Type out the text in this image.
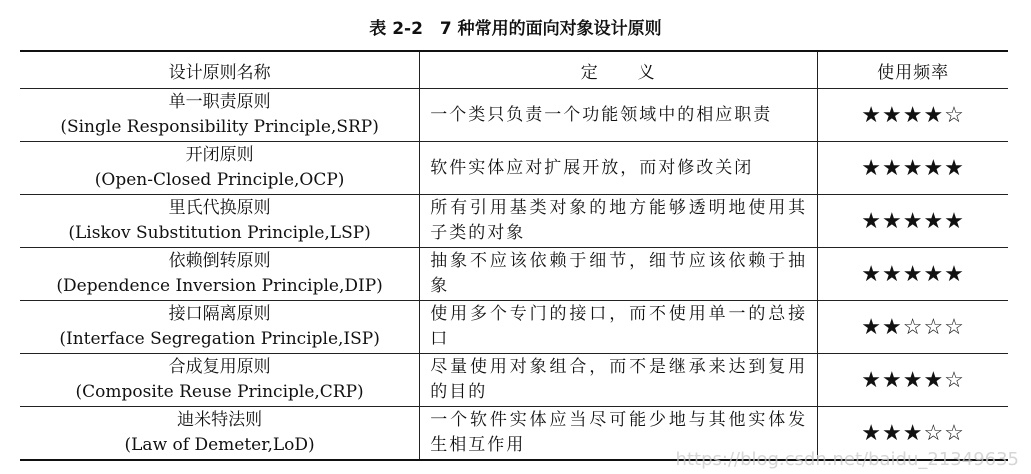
表 2-2　7 种常用的面向对象设计原则
设计原则名称	定　　义	使用频率

单一职责原则
(Single Responsibility Principle,SRP)	一个类只负责一个功能领域中的相应职责	★★★★☆

开闭原则
(Open-Closed Principle,OCP)	软件实体应对扩展开放，而对修改关闭	★★★★★

里氏代换原则
(Liskov Substitution Principle,LSP)	所有引用基类对象的地方能够透明地使用其子类的对象	★★★★★

依赖倒转原则
(Dependence Inversion Principle,DIP)	抽象不应该依赖于细节，细节应该依赖于抽象	★★★★★

接口隔离原则
(Interface Segregation Principle,ISP)	使用多个专门的接口，而不使用单一的总接口	★★☆☆☆

合成复用原则
(Composite Reuse Principle,CRP)	尽量使用对象组合，而不是继承来达到复用的目的	★★★★☆

迪米特法则
(Law of Demeter,LoD)	一个软件实体应当尽可能少地与其他实体发生相互作用	★★★☆☆
https://blog.csdn.net/baidu_21349635
